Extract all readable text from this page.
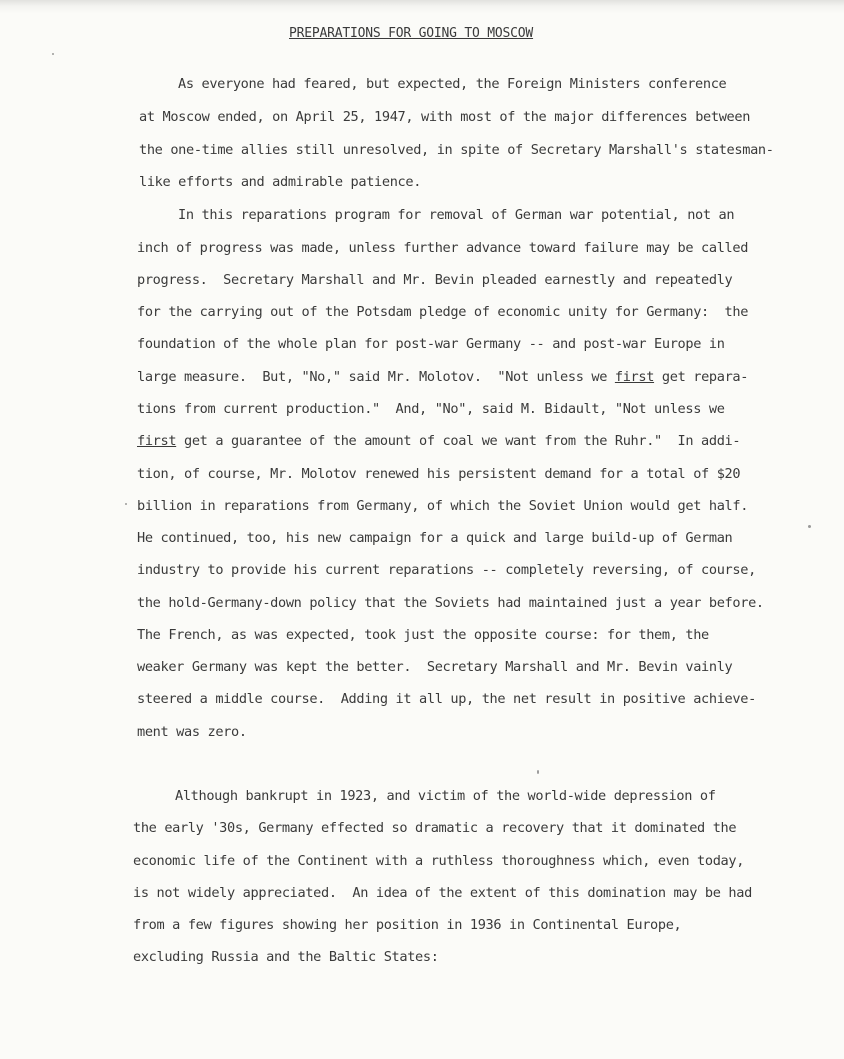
PREPARATIONS FOR GOING TO MOSCOW
As everyone had feared, but expected, the Foreign Ministers conference
at Moscow ended, on April 25, 1947, with most of the major differences between
the one-time allies still unresolved, in spite of Secretary Marshall's statesman-
like efforts and admirable patience.
In this reparations program for removal of German war potential, not an
inch of progress was made, unless further advance toward failure may be called
progress.  Secretary Marshall and Mr. Bevin pleaded earnestly and repeatedly
for the carrying out of the Potsdam pledge of economic unity for Germany:  the
foundation of the whole plan for post-war Germany -- and post-war Europe in
large measure.  But, "No," said Mr. Molotov.  "Not unless we first get repara-
tions from current production."  And, "No", said M. Bidault, "Not unless we
first get a guarantee of the amount of coal we want from the Ruhr."  In addi-
tion, of course, Mr. Molotov renewed his persistent demand for a total of $20
billion in reparations from Germany, of which the Soviet Union would get half.
He continued, too, his new campaign for a quick and large build-up of German
industry to provide his current reparations -- completely reversing, of course,
the hold-Germany-down policy that the Soviets had maintained just a year before.
The French, as was expected, took just the opposite course: for them, the
weaker Germany was kept the better.  Secretary Marshall and Mr. Bevin vainly
steered a middle course.  Adding it all up, the net result in positive achieve-
ment was zero.
Although bankrupt in 1923, and victim of the world-wide depression of
the early '30s, Germany effected so dramatic a recovery that it dominated the
economic life of the Continent with a ruthless thoroughness which, even today,
is not widely appreciated.  An idea of the extent of this domination may be had
from a few figures showing her position in 1936 in Continental Europe,
excluding Russia and the Baltic States:
